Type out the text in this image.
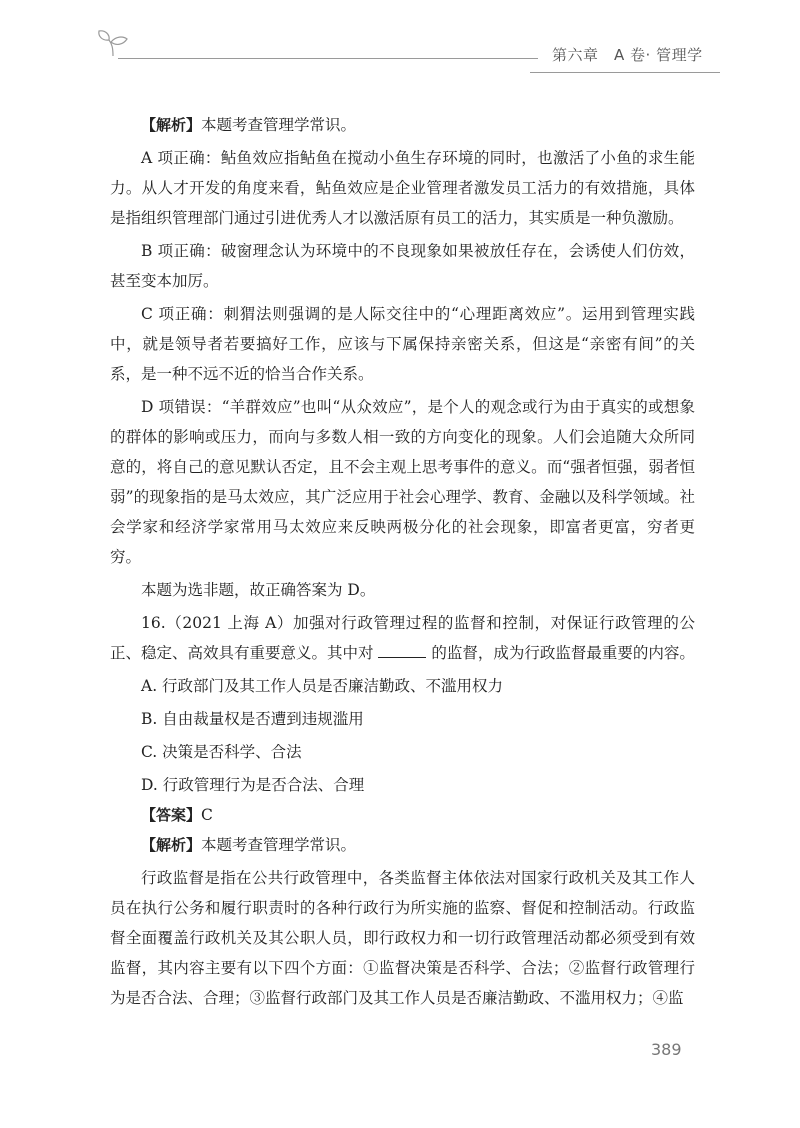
第六章　A 卷· 管理学

【解析】本题考查管理学常识。

A 项正确：鲇鱼效应指鲇鱼在搅动小鱼生存环境的同时，也激活了小鱼的求生能力。从人才开发的角度来看，鲇鱼效应是企业管理者激发员工活力的有效措施，具体是指组织管理部门通过引进优秀人才以激活原有员工的活力，其实质是一种负激励。

B 项正确：破窗理念认为环境中的不良现象如果被放任存在，会诱使人们仿效，甚至变本加厉。

C 项正确：刺猬法则强调的是人际交往中的“心理距离效应”。运用到管理实践中，就是领导者若要搞好工作，应该与下属保持亲密关系，但这是“亲密有间”的关系，是一种不远不近的恰当合作关系。

D 项错误：“羊群效应”也叫“从众效应”，是个人的观念或行为由于真实的或想象的群体的影响或压力，而向与多数人相一致的方向变化的现象。人们会追随大众所同意的，将自己的意见默认否定，且不会主观上思考事件的意义。而“强者恒强，弱者恒弱”的现象指的是马太效应，其广泛应用于社会心理学、教育、金融以及科学领域。社会学家和经济学家常用马太效应来反映两极分化的社会现象，即富者更富，穷者更穷。

本题为选非题，故正确答案为 D。

16.（2021 上海 A）加强对行政管理过程的监督和控制，对保证行政管理的公正、稳定、高效具有重要意义。其中对	的监督，成为行政监督最重要的内容。

A. 行政部门及其工作人员是否廉洁勤政、不滥用权力

B. 自由裁量权是否遭到违规滥用

C. 决策是否科学、合法

D. 行政管理行为是否合法、合理

【答案】C

【解析】本题考查管理学常识。

行政监督是指在公共行政管理中，各类监督主体依法对国家行政机关及其工作人员在执行公务和履行职责时的各种行政行为所实施的监察、督促和控制活动。行政监督全面覆盖行政机关及其公职人员，即行政权力和一切行政管理活动都必须受到有效监督，其内容主要有以下四个方面：①监督决策是否科学、合法；②监督行政管理行为是否合法、合理；③监督行政部门及其工作人员是否廉洁勤政、不滥用权力；④监

389
